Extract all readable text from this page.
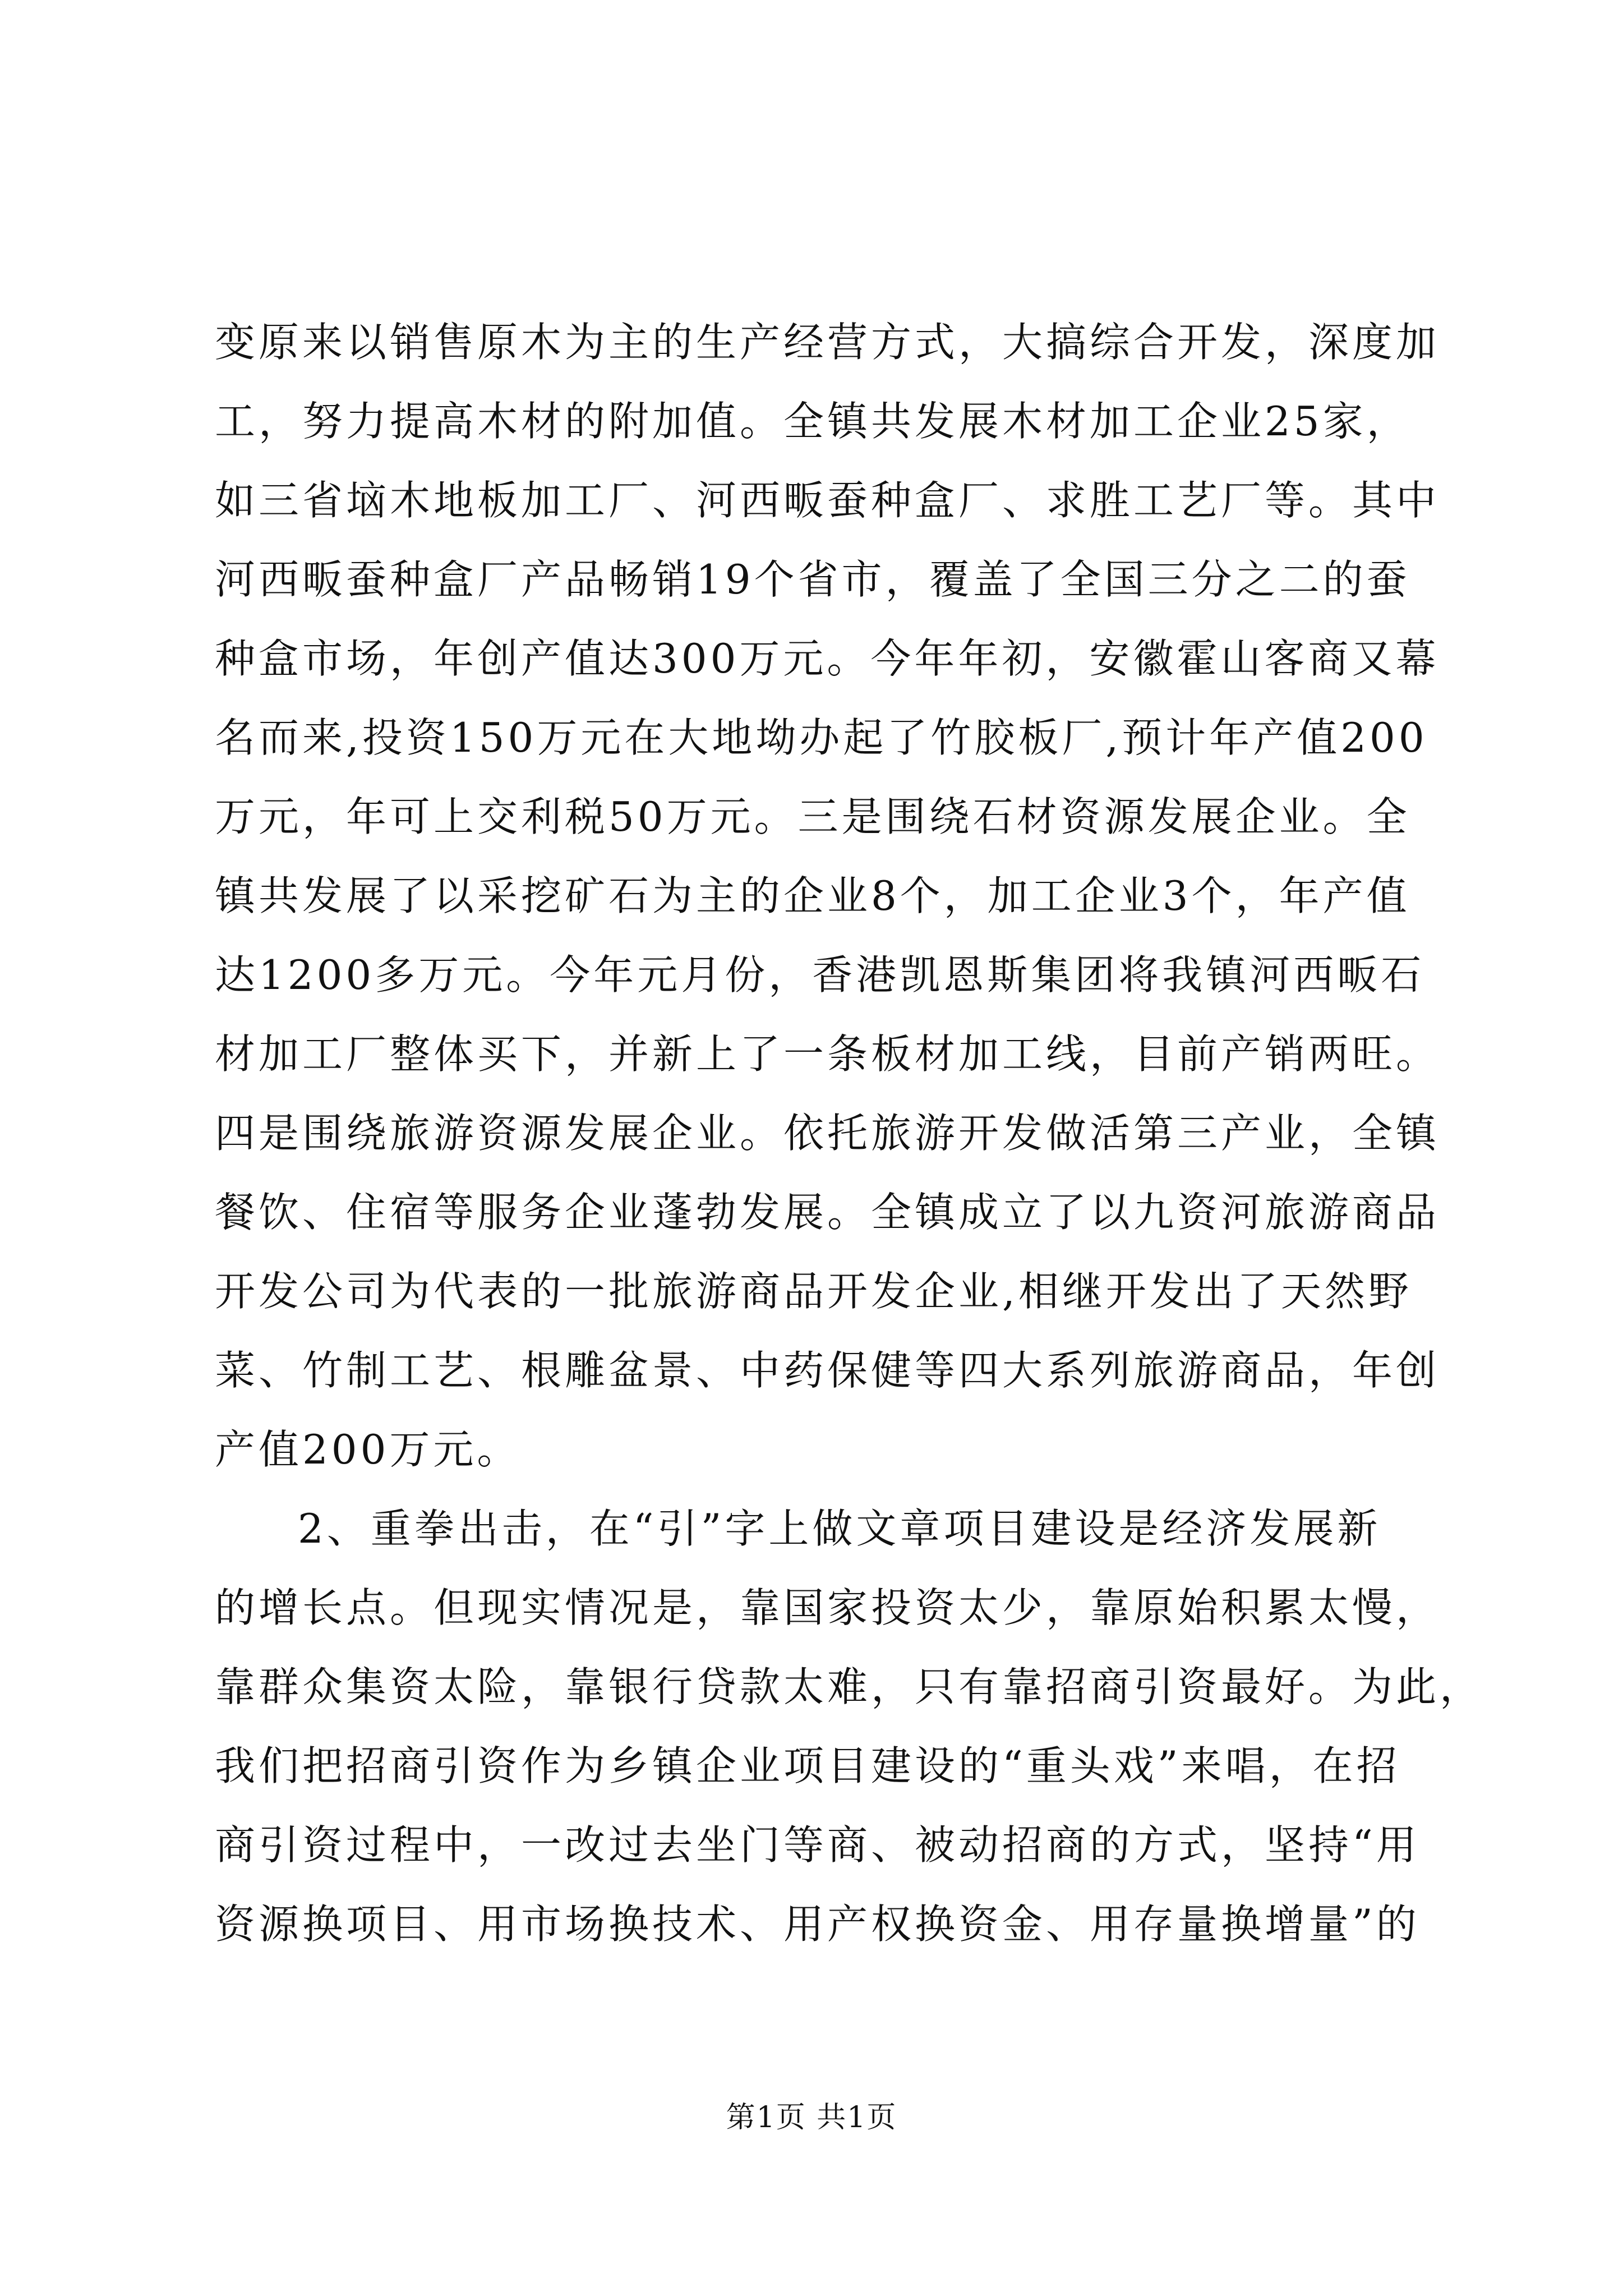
变原来以销售原木为主的生产经营方式，大搞综合开发，深度加
工，努力提高木材的附加值。全镇共发展木材加工企业25家，
如三省垴木地板加工厂、河西畈蚕种盒厂、求胜工艺厂等。其中
河西畈蚕种盒厂产品畅销19个省市，覆盖了全国三分之二的蚕
种盒市场，年创产值达300万元。今年年初，安徽霍山客商又幕
名而来,投资150万元在大地坳办起了竹胶板厂,预计年产值200
万元，年可上交利税50万元。三是围绕石材资源发展企业。全
镇共发展了以采挖矿石为主的企业8个，加工企业3个，年产值
达1200多万元。今年元月份，香港凯恩斯集团将我镇河西畈石
材加工厂整体买下，并新上了一条板材加工线，目前产销两旺。
四是围绕旅游资源发展企业。依托旅游开发做活第三产业，全镇
餐饮、住宿等服务企业蓬勃发展。全镇成立了以九资河旅游商品
开发公司为代表的一批旅游商品开发企业,相继开发出了天然野
菜、竹制工艺、根雕盆景、中药保健等四大系列旅游商品，年创
产值200万元。
2、重拳出击，在“引”字上做文章项目建设是经济发展新
的增长点。但现实情况是，靠国家投资太少，靠原始积累太慢，
靠群众集资太险，靠银行贷款太难，只有靠招商引资最好。为此，
我们把招商引资作为乡镇企业项目建设的“重头戏”来唱，在招
商引资过程中，一改过去坐门等商、被动招商的方式，坚持“用
资源换项目、用市场换技术、用产权换资金、用存量换增量”的
第1页 共1页
